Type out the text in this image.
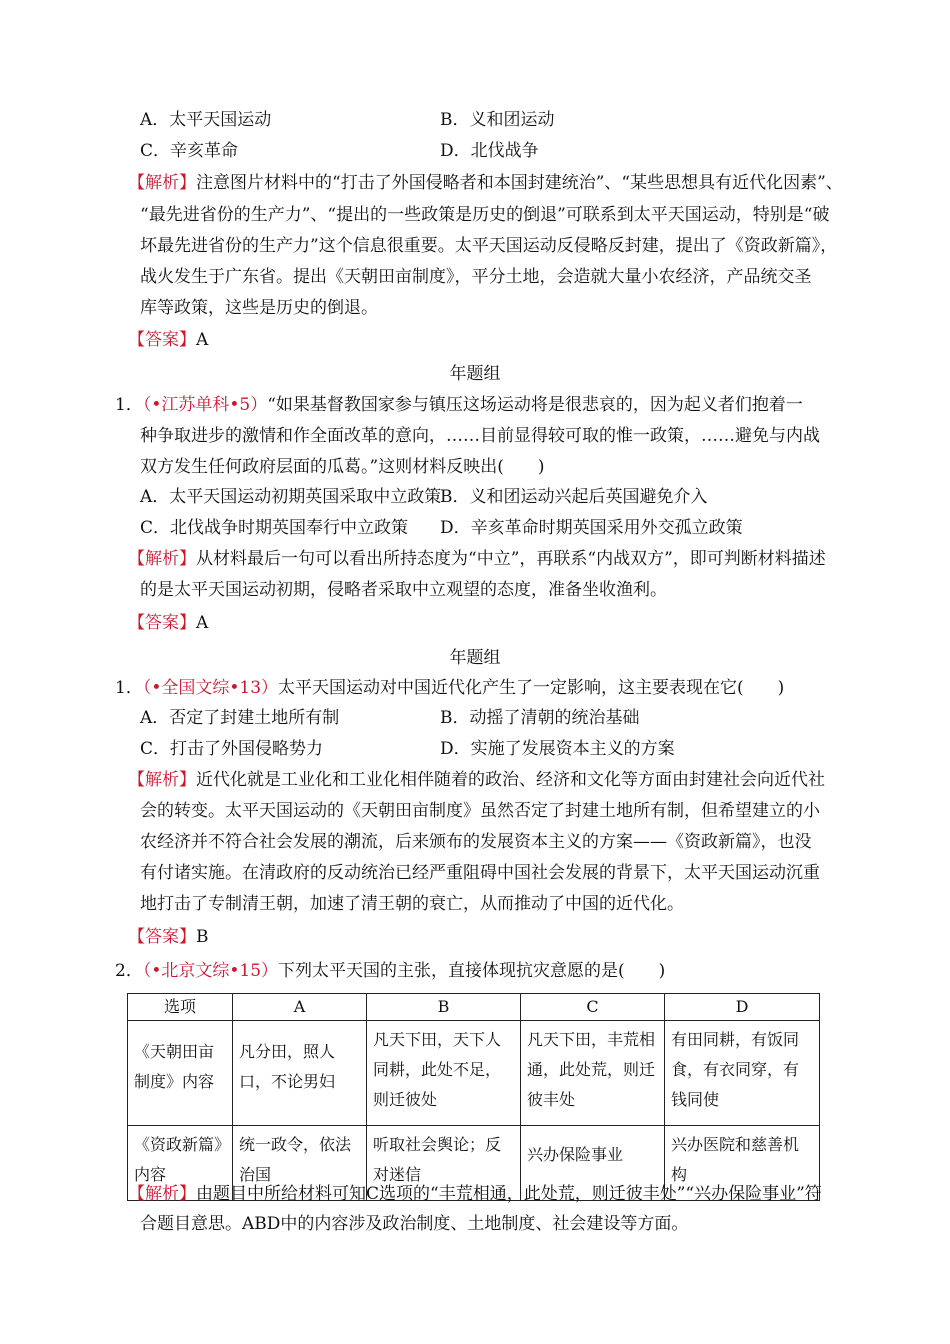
A．太平天国运动	B．义和团运动
C．辛亥革命	D．北伐战争
【解析】注意图片材料中的“打击了外国侵略者和本国封建统治”、“某些思想具有近代化因素”、
“最先进省份的生产力”、“提出的一些政策是历史的倒退”可联系到太平天国运动，特别是“破
坏最先进省份的生产力”这个信息很重要。太平天国运动反侵略反封建，提出了《资政新篇》，
战火发生于广东省。提出《天朝田亩制度》，平分土地，会造就大量小农经济，产品统交圣
库等政策，这些是历史的倒退。
【答案】A
年题组
1．（•江苏单科•5）“如果基督教国家参与镇压这场运动将是很悲哀的，因为起义者们抱着一
种争取进步的激情和作全面改革的意向，……目前显得较可取的惟一政策，……避免与内战
双方发生任何政府层面的瓜葛。”这则材料反映出(　　)
A．太平天国运动初期英国采取中立政策
B．义和团运动兴起后英国避免介入
C．北伐战争时期英国奉行中立政策 D．辛亥革命时期英国采用外交孤立政策
【解析】从材料最后一句可以看出所持态度为“中立”，再联系“内战双方”，即可判断材料描述
的是太平天国运动初期，侵略者采取中立观望的态度，准备坐收渔利。
【答案】A
年题组
1．（•全国文综•13）太平天国运动对中国近代化产生了一定影响，这主要表现在它(　　)
A．否定了封建土地所有制	B．动摇了清朝的统治基础
C．打击了外国侵略势力	D．实施了发展资本主义的方案
【解析】近代化就是工业化和工业化相伴随着的政治、经济和文化等方面由封建社会向近代社
会的转变。太平天国运动的《天朝田亩制度》虽然否定了封建土地所有制，但希望建立的小
农经济并不符合社会发展的潮流，后来颁布的发展资本主义的方案——《资政新篇》，也没
有付诸实施。在清政府的反动统治已经严重阻碍中国社会发展的背景下，太平天国运动沉重
地打击了专制清王朝，加速了清王朝的衰亡，从而推动了中国的近代化。
【答案】B
2．（•北京文综•15）下列太平天国的主张，直接体现抗灾意愿的是(　　)
选项	A	B	C	D
《天朝田亩制度》内容	凡分田，照人口，不论男妇	凡天下田，天下人同耕，此处不足，则迁彼处	凡天下田，丰荒相通，此处荒，则迁彼丰处	有田同耕，有饭同食，有衣同穿，有钱同使
《资政新篇》内容	统一政令，依法治国	听取社会舆论；反对迷信	兴办保险事业	兴办医院和慈善机构
【解析】由题目中所给材料可知C选项的“丰荒相通，此处荒，则迁彼丰处”“兴办保险事业”符
合题目意思。ABD中的内容涉及政治制度、土地制度、社会建设等方面。
